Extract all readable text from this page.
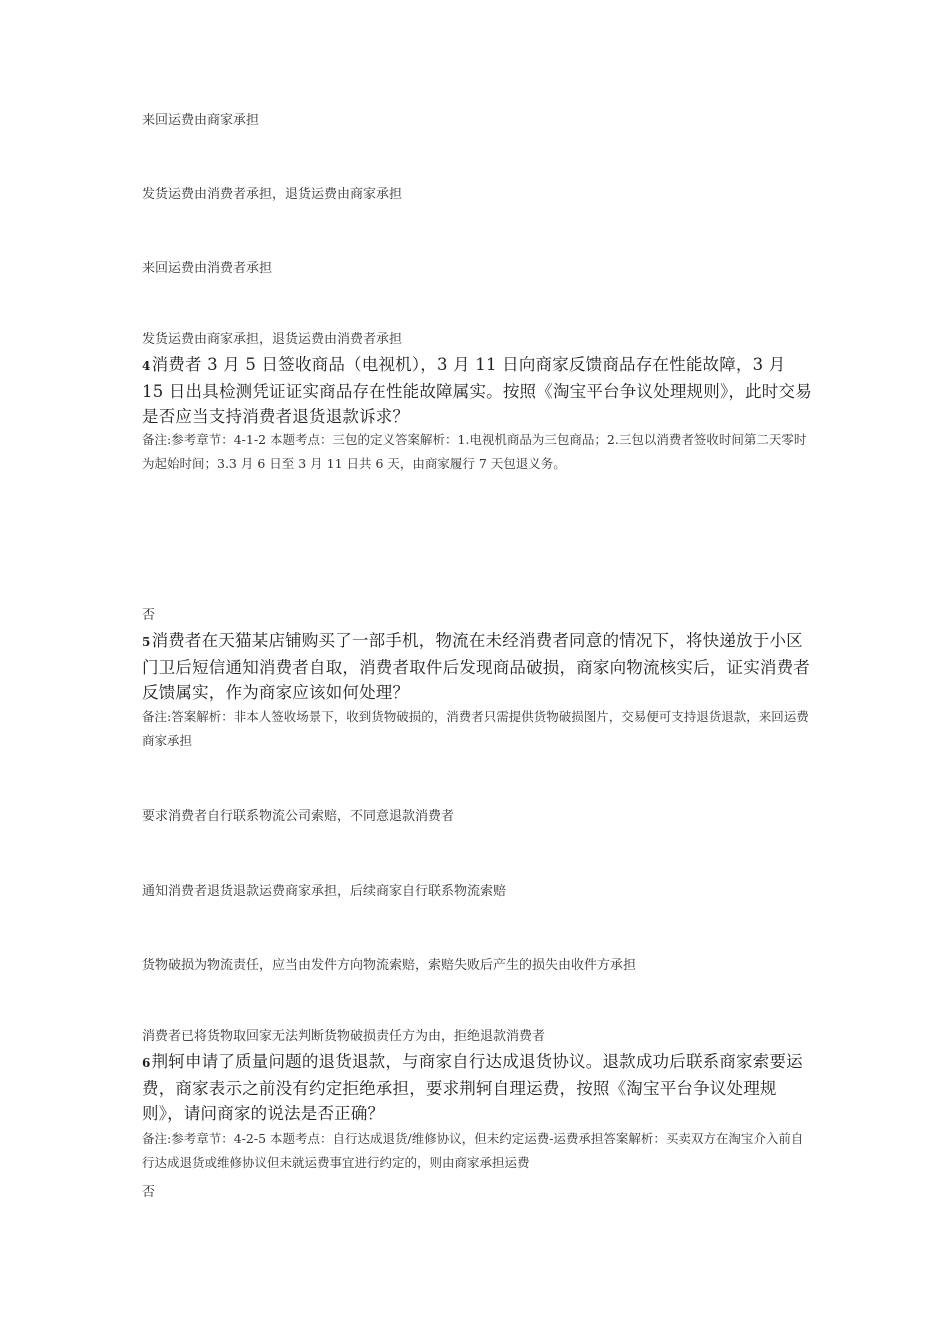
来回运费由商家承担

发货运费由消费者承担，退货运费由商家承担

来回运费由消费者承担

发货运费由商家承担，退货运费由消费者承担

4消费者 3 月 5 日签收商品（电视机），3 月 11 日向商家反馈商品存在性能故障，3 月 15 日出具检测凭证证实商品存在性能故障属实。按照《淘宝平台争议处理规则》，此时交易是否应当支持消费者退货退款诉求？
备注:参考章节：4-1-2 本题考点：三包的定义答案解析：1.电视机商品为三包商品；2.三包以消费者签收时间第二天零时为起始时间；3.3 月 6 日至 3 月 11 日共 6 天，由商家履行 7 天包退义务。

否

5消费者在天猫某店铺购买了一部手机，物流在未经消费者同意的情况下，将快递放于小区门卫后短信通知消费者自取，消费者取件后发现商品破损，商家向物流核实后，证实消费者反馈属实，作为商家应该如何处理？
备注:答案解析：非本人签收场景下，收到货物破损的，消费者只需提供货物破损图片，交易便可支持退货退款，来回运费商家承担

要求消费者自行联系物流公司索赔，不同意退款消费者

通知消费者退货退款运费商家承担，后续商家自行联系物流索赔

货物破损为物流责任，应当由发件方向物流索赔，索赔失败后产生的损失由收件方承担

消费者已将货物取回家无法判断货物破损责任方为由，拒绝退款消费者

6荆轲申请了质量问题的退货退款，与商家自行达成退货协议。退款成功后联系商家索要运费，商家表示之前没有约定拒绝承担，要求荆轲自理运费，按照《淘宝平台争议处理规则》，请问商家的说法是否正确？
备注:参考章节：4-2-5 本题考点：自行达成退货/维修协议，但未约定运费-运费承担答案解析：买卖双方在淘宝介入前自行达成退货或维修协议但未就运费事宜进行约定的，则由商家承担运费

否
